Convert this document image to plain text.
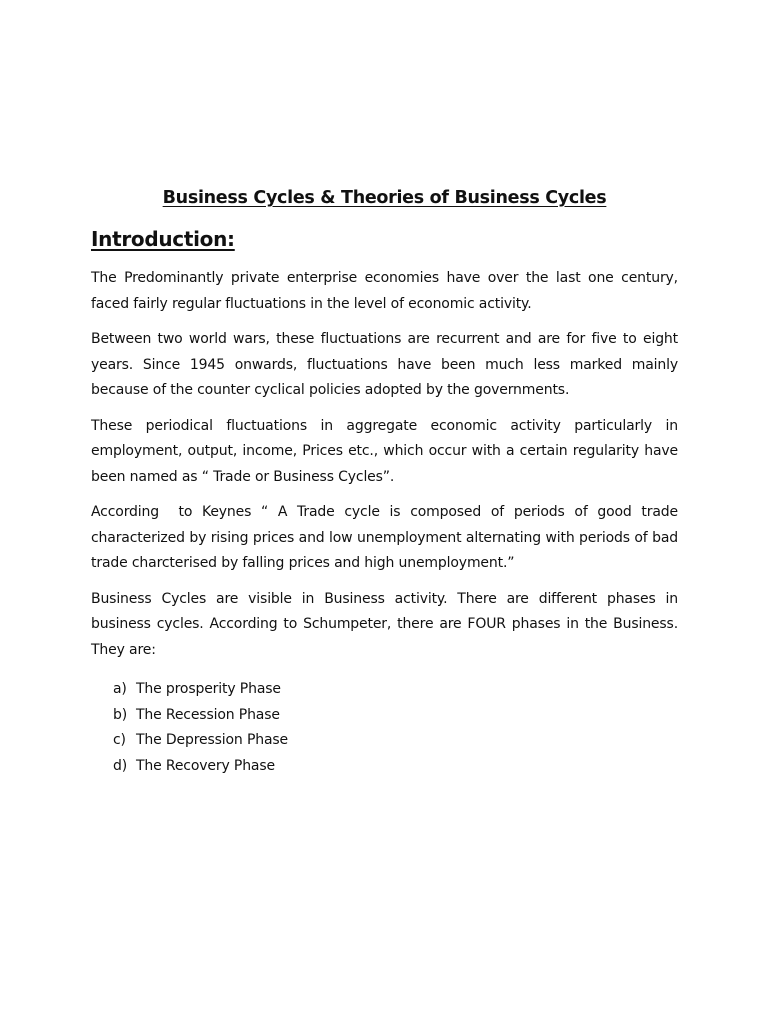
Business Cycles & Theories of Business Cycles
Introduction:

The Predominantly private enterprise economies have over the last one century, faced fairly regular fluctuations in the level of economic activity.

Between two world wars, these fluctuations are recurrent and are for five to eight years. Since 1945 onwards, fluctuations have been much less marked mainly because of the counter cyclical policies adopted by the governments.

These periodical fluctuations in aggregate economic activity particularly in employment, output, income, Prices etc., which occur with a certain regularity have been named as “ Trade or Business Cycles”.

According  to Keynes “ A Trade cycle is composed of periods of good trade characterized by rising prices and low unemployment alternating with periods of bad trade charcterised by falling prices and high unemployment.”

Business Cycles are visible in Business activity. There are different phases in business cycles. According to Schumpeter, there are FOUR phases in the Business. They are:

a) The prosperity Phase
b) The Recession Phase
c) The Depression Phase
d) The Recovery Phase
